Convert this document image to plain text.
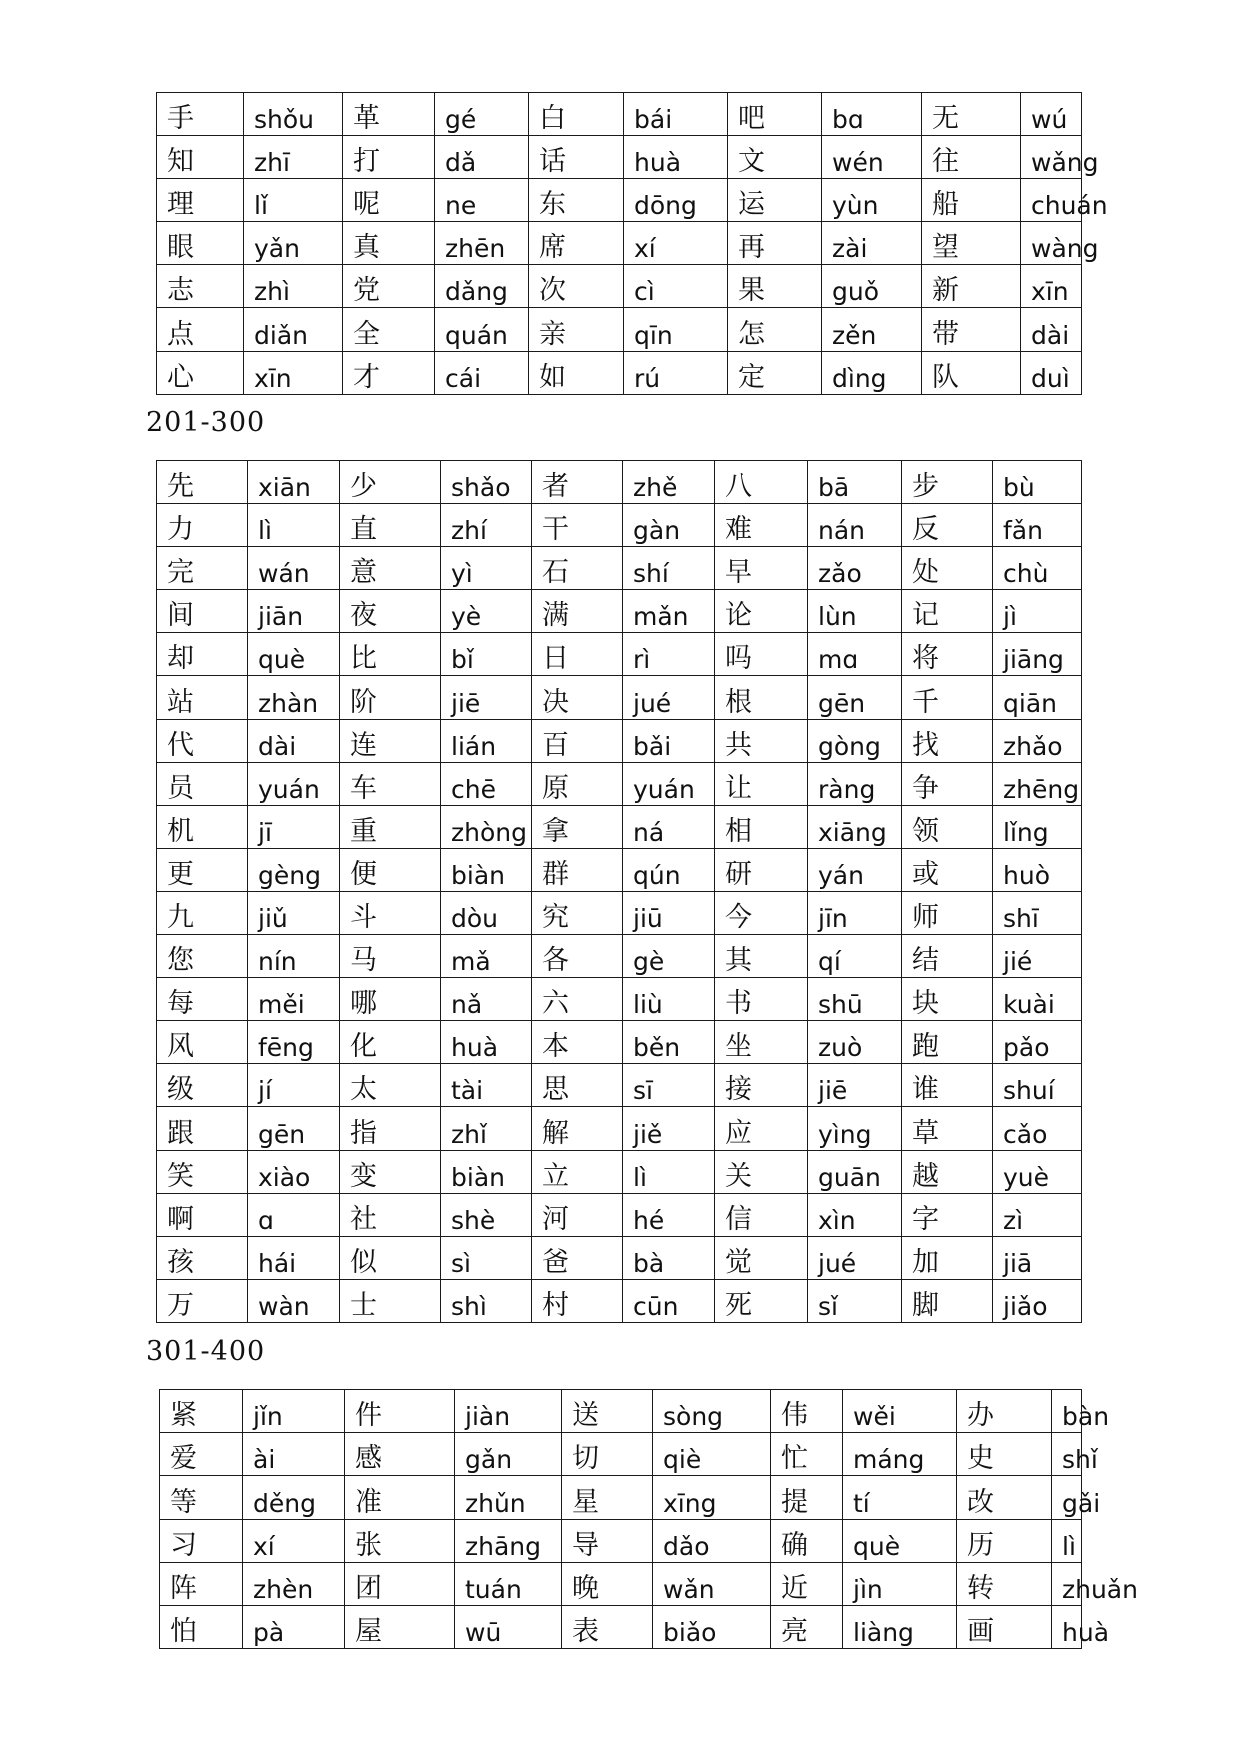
手	shǒu	革	gé	白	bái	吧	bɑ	无	wú
知	zhī	打	dǎ	话	huà	文	wén	往	wǎng
理	lǐ	呢	ne	东	dōng	运	yùn	船	chuán
眼	yǎn	真	zhēn	席	xí	再	zài	望	wàng
志	zhì	党	dǎng	次	cì	果	guǒ	新	xīn
点	diǎn	全	quán	亲	qīn	怎	zěn	带	dài
心	xīn	才	cái	如	rú	定	dìng	队	duì
201-300
先	xiān	少	shǎo	者	zhě	八	bā	步	bù
力	lì	直	zhí	干	gàn	难	nán	反	fǎn
完	wán	意	yì	石	shí	早	zǎo	处	chù
间	jiān	夜	yè	满	mǎn	论	lùn	记	jì
却	què	比	bǐ	日	rì	吗	mɑ	将	jiāng
站	zhàn	阶	jiē	决	jué	根	gēn	千	qiān
代	dài	连	lián	百	bǎi	共	gòng	找	zhǎo
员	yuán	车	chē	原	yuán	让	ràng	争	zhēng
机	jī	重	zhòng	拿	ná	相	xiāng	领	lǐng
更	gèng	便	biàn	群	qún	研	yán	或	huò
九	jiǔ	斗	dòu	究	jiū	今	jīn	师	shī
您	nín	马	mǎ	各	gè	其	qí	结	jié
每	měi	哪	nǎ	六	liù	书	shū	块	kuài
风	fēng	化	huà	本	běn	坐	zuò	跑	pǎo
级	jí	太	tài	思	sī	接	jiē	谁	shuí
跟	gēn	指	zhǐ	解	jiě	应	yìng	草	cǎo
笑	xiào	变	biàn	立	lì	关	guān	越	yuè
啊	ɑ	社	shè	河	hé	信	xìn	字	zì
孩	hái	似	sì	爸	bà	觉	jué	加	jiā
万	wàn	士	shì	村	cūn	死	sǐ	脚	jiǎo
301-400
紧	jǐn	件	jiàn	送	sòng	伟	wěi	办	bàn
爱	ài	感	gǎn	切	qiè	忙	máng	史	shǐ
等	děng	准	zhǔn	星	xīng	提	tí	改	gǎi
习	xí	张	zhāng	导	dǎo	确	què	历	lì
阵	zhèn	团	tuán	晚	wǎn	近	jìn	转	zhuǎn
怕	pà	屋	wū	表	biǎo	亮	liàng	画	huà
